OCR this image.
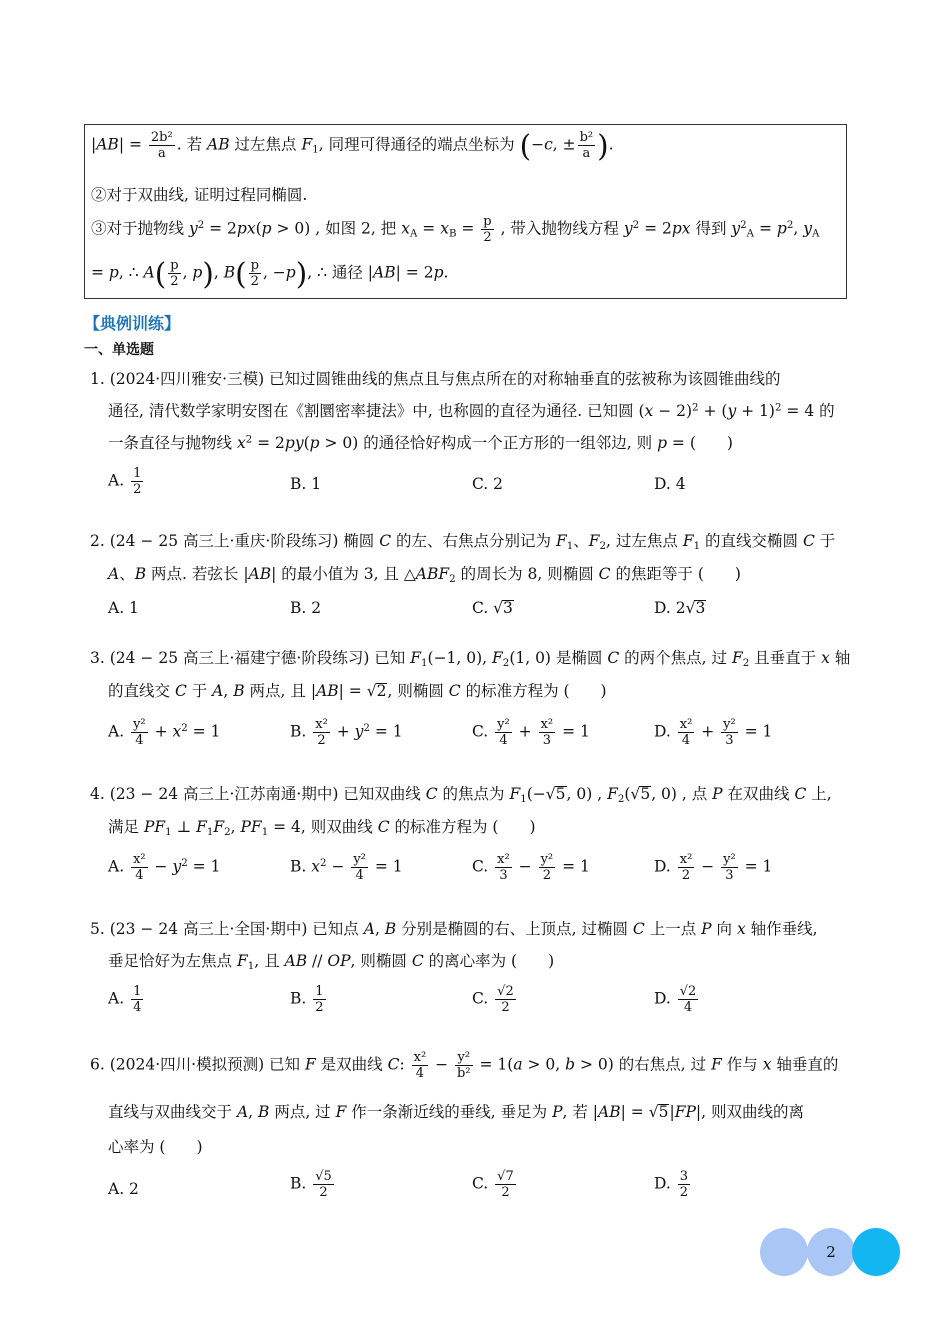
$|AB| = \frac{\text{2b²}}{a}$ . 若 AB 过左焦点 $F_1$, 同理可得通径的端点坐标为 (−c, ± $\frac{\text{b²}}{a}$ ).
②对于双曲线, 证明过程同椭圆.
③对于抛物线 $y^2 = 2px(p > 0)$ , 如图 2, 把 $x_A = x_B = \frac{p}{2}$ , 带入抛物线方程 $y^2 = 2px$ 得到 $y^2_A = p^2$, $y_A$
= p, ∴ $A( \frac{p}{2}$ , p), $B( \frac{p}{2}$ , −p), ∴ 通径 |AB| = 2p.
【典例训练】
一、单选题
1. (2024·四川雅安·三模) 已知过圆锥曲线的焦点且与焦点所在的对称轴垂直的弦被称为该圆锥曲线的
通径, 清代数学家明安图在《割圜密率捷法》中, 也称圆的直径为通径. 已知圆 $(x - 2)^2 + (y + 1)^2 = 4$ 的
一条直径与抛物线 $x^2 = 2py(p > 0)$ 的通径恰好构成一个正方形的一组邻边, 则 p = (　　)
A. $\frac{1}{2}$	B. 1	C. 2	D. 4
2. (24 − 25 高三上·重庆·阶段练习) 椭圆 C 的左、右焦点分别记为 $F_1$、$F_2$, 过左焦点 $F_1$ 的直线交椭圆 C 于
A、B 两点. 若弦长 |AB| 的最小值为 3, 且 $\triangle ABF_2$ 的周长为 8, 则椭圆 C 的焦距等于 (　　)
A. 1	B. 2	C. √3	D. 2√3
3. (24 − 25 高三上·福建宁德·阶段练习) 已知 $F_1(-1$, 0), $F_2(1$, 0) 是椭圆 C 的两个焦点, 过 $F_2$ 且垂直于 x 轴
的直线交 C 于 A, B 两点, 且 |AB| = √2, 则椭圆 C 的标准方程为 (　　)
A. $\frac{\text{y²}}{4} + x^2 = 1$	B. $\frac{\text{x²}}{2} + y^2 = 1$	C. $\frac{\text{y²}}{4} + \frac{\text{x²}}{3} = 1$	D. $\frac{\text{x²}}{4} + \frac{\text{y²}}{3} = 1$
4. (23 − 24 高三上·江苏南通·期中) 已知双曲线 C 的焦点为 $F_1(-√5$, 0) , $F_2(√5$, 0) , 点 P 在双曲线 C 上,
满足 $PF_1$ ⊥ $F_1F_2$, $PF_1 = 4$, 则双曲线 C 的标准方程为 (　　)
A. $\frac{\text{x²}}{4} - y^2 = 1$	B. $x^2 - \frac{\text{y²}}{4} = 1$	C. $\frac{\text{x²}}{3} - \frac{\text{y²}}{2} = 1$	D. $\frac{\text{x²}}{2} - \frac{\text{y²}}{3} = 1$
5. (23 − 24 高三上·全国·期中) 已知点 A, B 分别是椭圆的右、上顶点, 过椭圆 C 上一点 P 向 x 轴作垂线,
垂足恰好为左焦点 $F_1$, 且 AB // OP, 则椭圆 C 的离心率为 (　　)
A. $\frac{1}{4}$	B. $\frac{1}{2}$	C. $\frac{√2}{2}$	D. $\frac{√2}{4}$
6. (2024·四川·模拟预测) 已知 F 是双曲线 C: $\frac{\text{x²}}{4} - \frac{\text{y²}}{\text{b²}} = 1(a > 0$, b > 0) 的右焦点, 过 F 作与 x 轴垂直的
直线与双曲线交于 A, B 两点, 过 F 作一条渐近线的垂线, 垂足为 P, 若 |AB| = √5|FP|, 则双曲线的离
心率为 (　　)
A. 2	B. $\frac{√5}{2}$	C. $\frac{√7}{2}$	D. $\frac{3}{2}$
2
